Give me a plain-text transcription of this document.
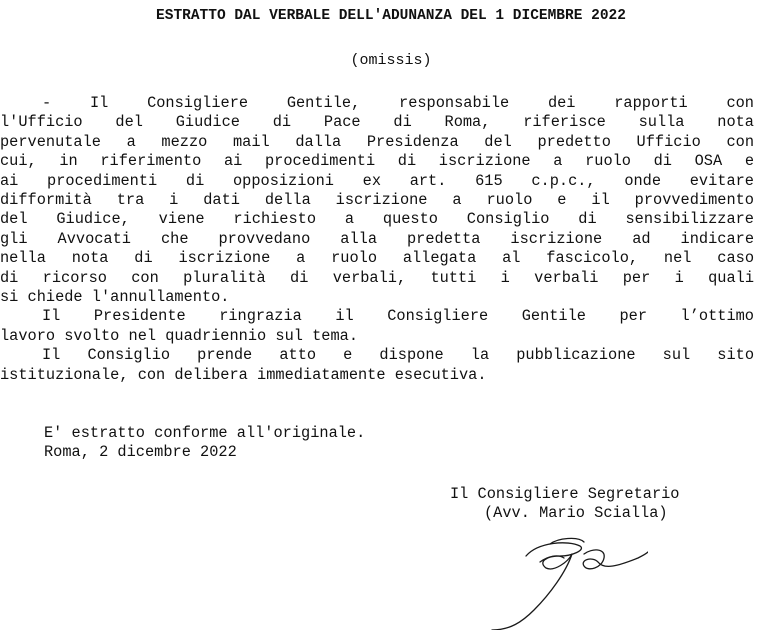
ESTRATTO DAL VERBALE DELL'ADUNANZA DEL 1 DICEMBRE 2022
(omissis)
- Il Consigliere Gentile, responsabile dei rapporti con
l'Ufficio del Giudice di Pace di Roma, riferisce sulla nota
pervenutale a mezzo mail dalla Presidenza del predetto Ufficio con
cui, in riferimento ai procedimenti di iscrizione a ruolo di OSA e
ai procedimenti di opposizioni ex art. 615 c.p.c., onde evitare
difformità tra i dati della iscrizione a ruolo e il provvedimento
del Giudice, viene richiesto a questo Consiglio di sensibilizzare
gli Avvocati che provvedano alla predetta iscrizione ad indicare
nella nota di iscrizione a ruolo allegata al fascicolo, nel caso
di ricorso con pluralità di verbali, tutti i verbali per i quali
si chiede l'annullamento.
Il Presidente ringrazia il Consigliere Gentile per l’ottimo
lavoro svolto nel quadriennio sul tema.
Il Consiglio prende atto e dispone la pubblicazione sul sito
istituzionale, con delibera immediatamente esecutiva.
E' estratto conforme all'originale.
Roma, 2 dicembre 2022
Il Consigliere Segretario
(Avv. Mario Scialla)
